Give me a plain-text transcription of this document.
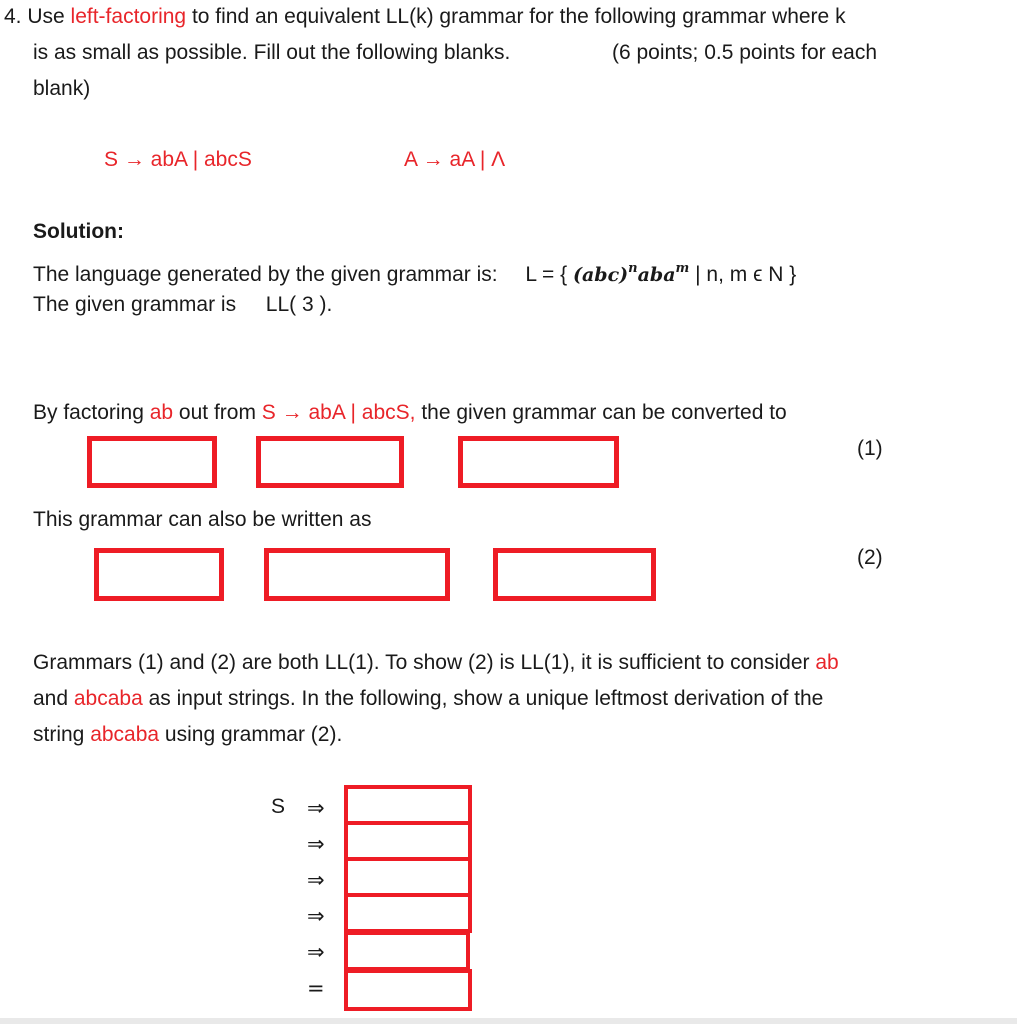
4. Use left-factoring to find an equivalent LL(k) grammar for the following grammar where k
is as small as possible. Fill out the following blanks.	(6 points; 0.5 points for each
blank)
S → abA | abcS	A → aA | Λ
Solution:
The language generated by the given grammar is: L = { (abc)$^n$aba$^m$ | n, m ϵ N }
The given grammar is LL( 3 ).
By factoring ab out from S → abA | abcS, the given grammar can be converted to
(1)
This grammar can also be written as
(2)
Grammars (1) and (2) are both LL(1). To show (2) is LL(1), it is sufficient to consider ab
and abcaba as input strings. In the following, show a unique leftmost derivation of the
string abcaba using grammar (2).
S ⇒
⇒
⇒
⇒
⇒
=
